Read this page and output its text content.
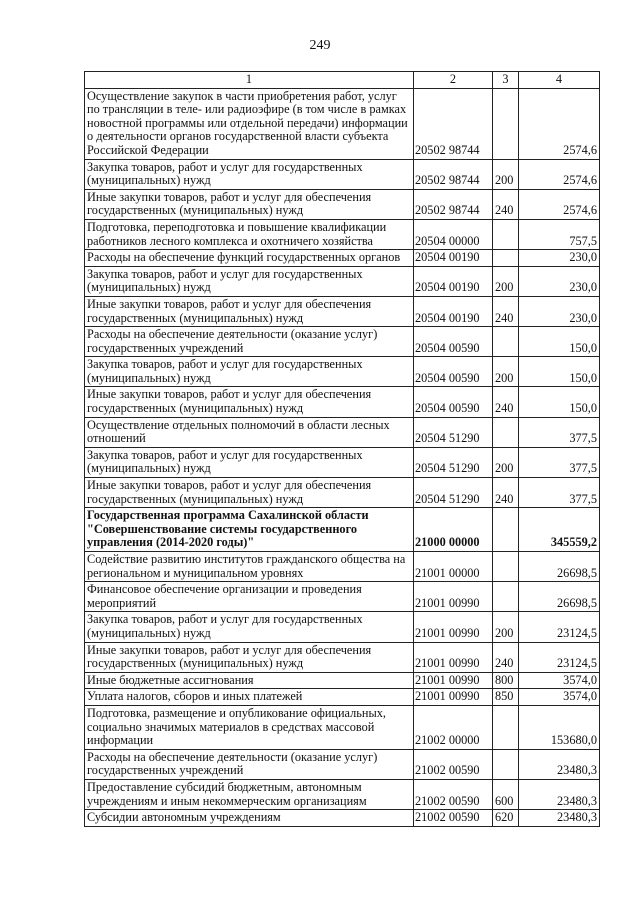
249
1	2	3	4
Осуществление закупок в части приобретения работ, услуг по трансляции в теле- или радиоэфире (в том числе в рамках новостной программы или отдельной передачи) информации о деятельности органов государственной власти субъекта Российской Федерации	20502 98744		2574,6
Закупка товаров, работ и услуг для государственных (муниципальных) нужд	20502 98744	200	2574,6
Иные закупки товаров, работ и услуг для обеспечения государственных (муниципальных) нужд	20502 98744	240	2574,6
Подготовка, переподготовка и повышение квалификации работников лесного комплекса и охотничего хозяйства	20504 00000		757,5
Расходы на обеспечение функций государственных органов	20504 00190		230,0
Закупка товаров, работ и услуг для государственных (муниципальных) нужд	20504 00190	200	230,0
Иные закупки товаров, работ и услуг для обеспечения государственных (муниципальных) нужд	20504 00190	240	230,0
Расходы на обеспечение деятельности (оказание услуг) государственных учреждений	20504 00590		150,0
Закупка товаров, работ и услуг для государственных (муниципальных) нужд	20504 00590	200	150,0
Иные закупки товаров, работ и услуг для обеспечения государственных (муниципальных) нужд	20504 00590	240	150,0
Осуществление отдельных полномочий в области лесных отношений	20504 51290		377,5
Закупка товаров, работ и услуг для государственных (муниципальных) нужд	20504 51290	200	377,5
Иные закупки товаров, работ и услуг для обеспечения государственных (муниципальных) нужд	20504 51290	240	377,5
Государственная программа Сахалинской области "Совершенствование системы государственного управления (2014-2020 годы)"	21000 00000		345559,2
Содействие развитию институтов гражданского общества на региональном и муниципальном уровнях	21001 00000		26698,5
Финансовое обеспечение организации и проведения мероприятий	21001 00990		26698,5
Закупка товаров, работ и услуг для государственных (муниципальных) нужд	21001 00990	200	23124,5
Иные закупки товаров, работ и услуг для обеспечения государственных (муниципальных) нужд	21001 00990	240	23124,5
Иные бюджетные ассигнования	21001 00990	800	3574,0
Уплата налогов, сборов и иных платежей	21001 00990	850	3574,0
Подготовка, размещение и опубликование официальных, социально значимых материалов в средствах массовой информации	21002 00000		153680,0
Расходы на обеспечение деятельности (оказание услуг) государственных учреждений	21002 00590		23480,3
Предоставление субсидий бюджетным, автономным учреждениям и иным некоммерческим организациям	21002 00590	600	23480,3
Субсидии автономным учреждениям	21002 00590	620	23480,3
